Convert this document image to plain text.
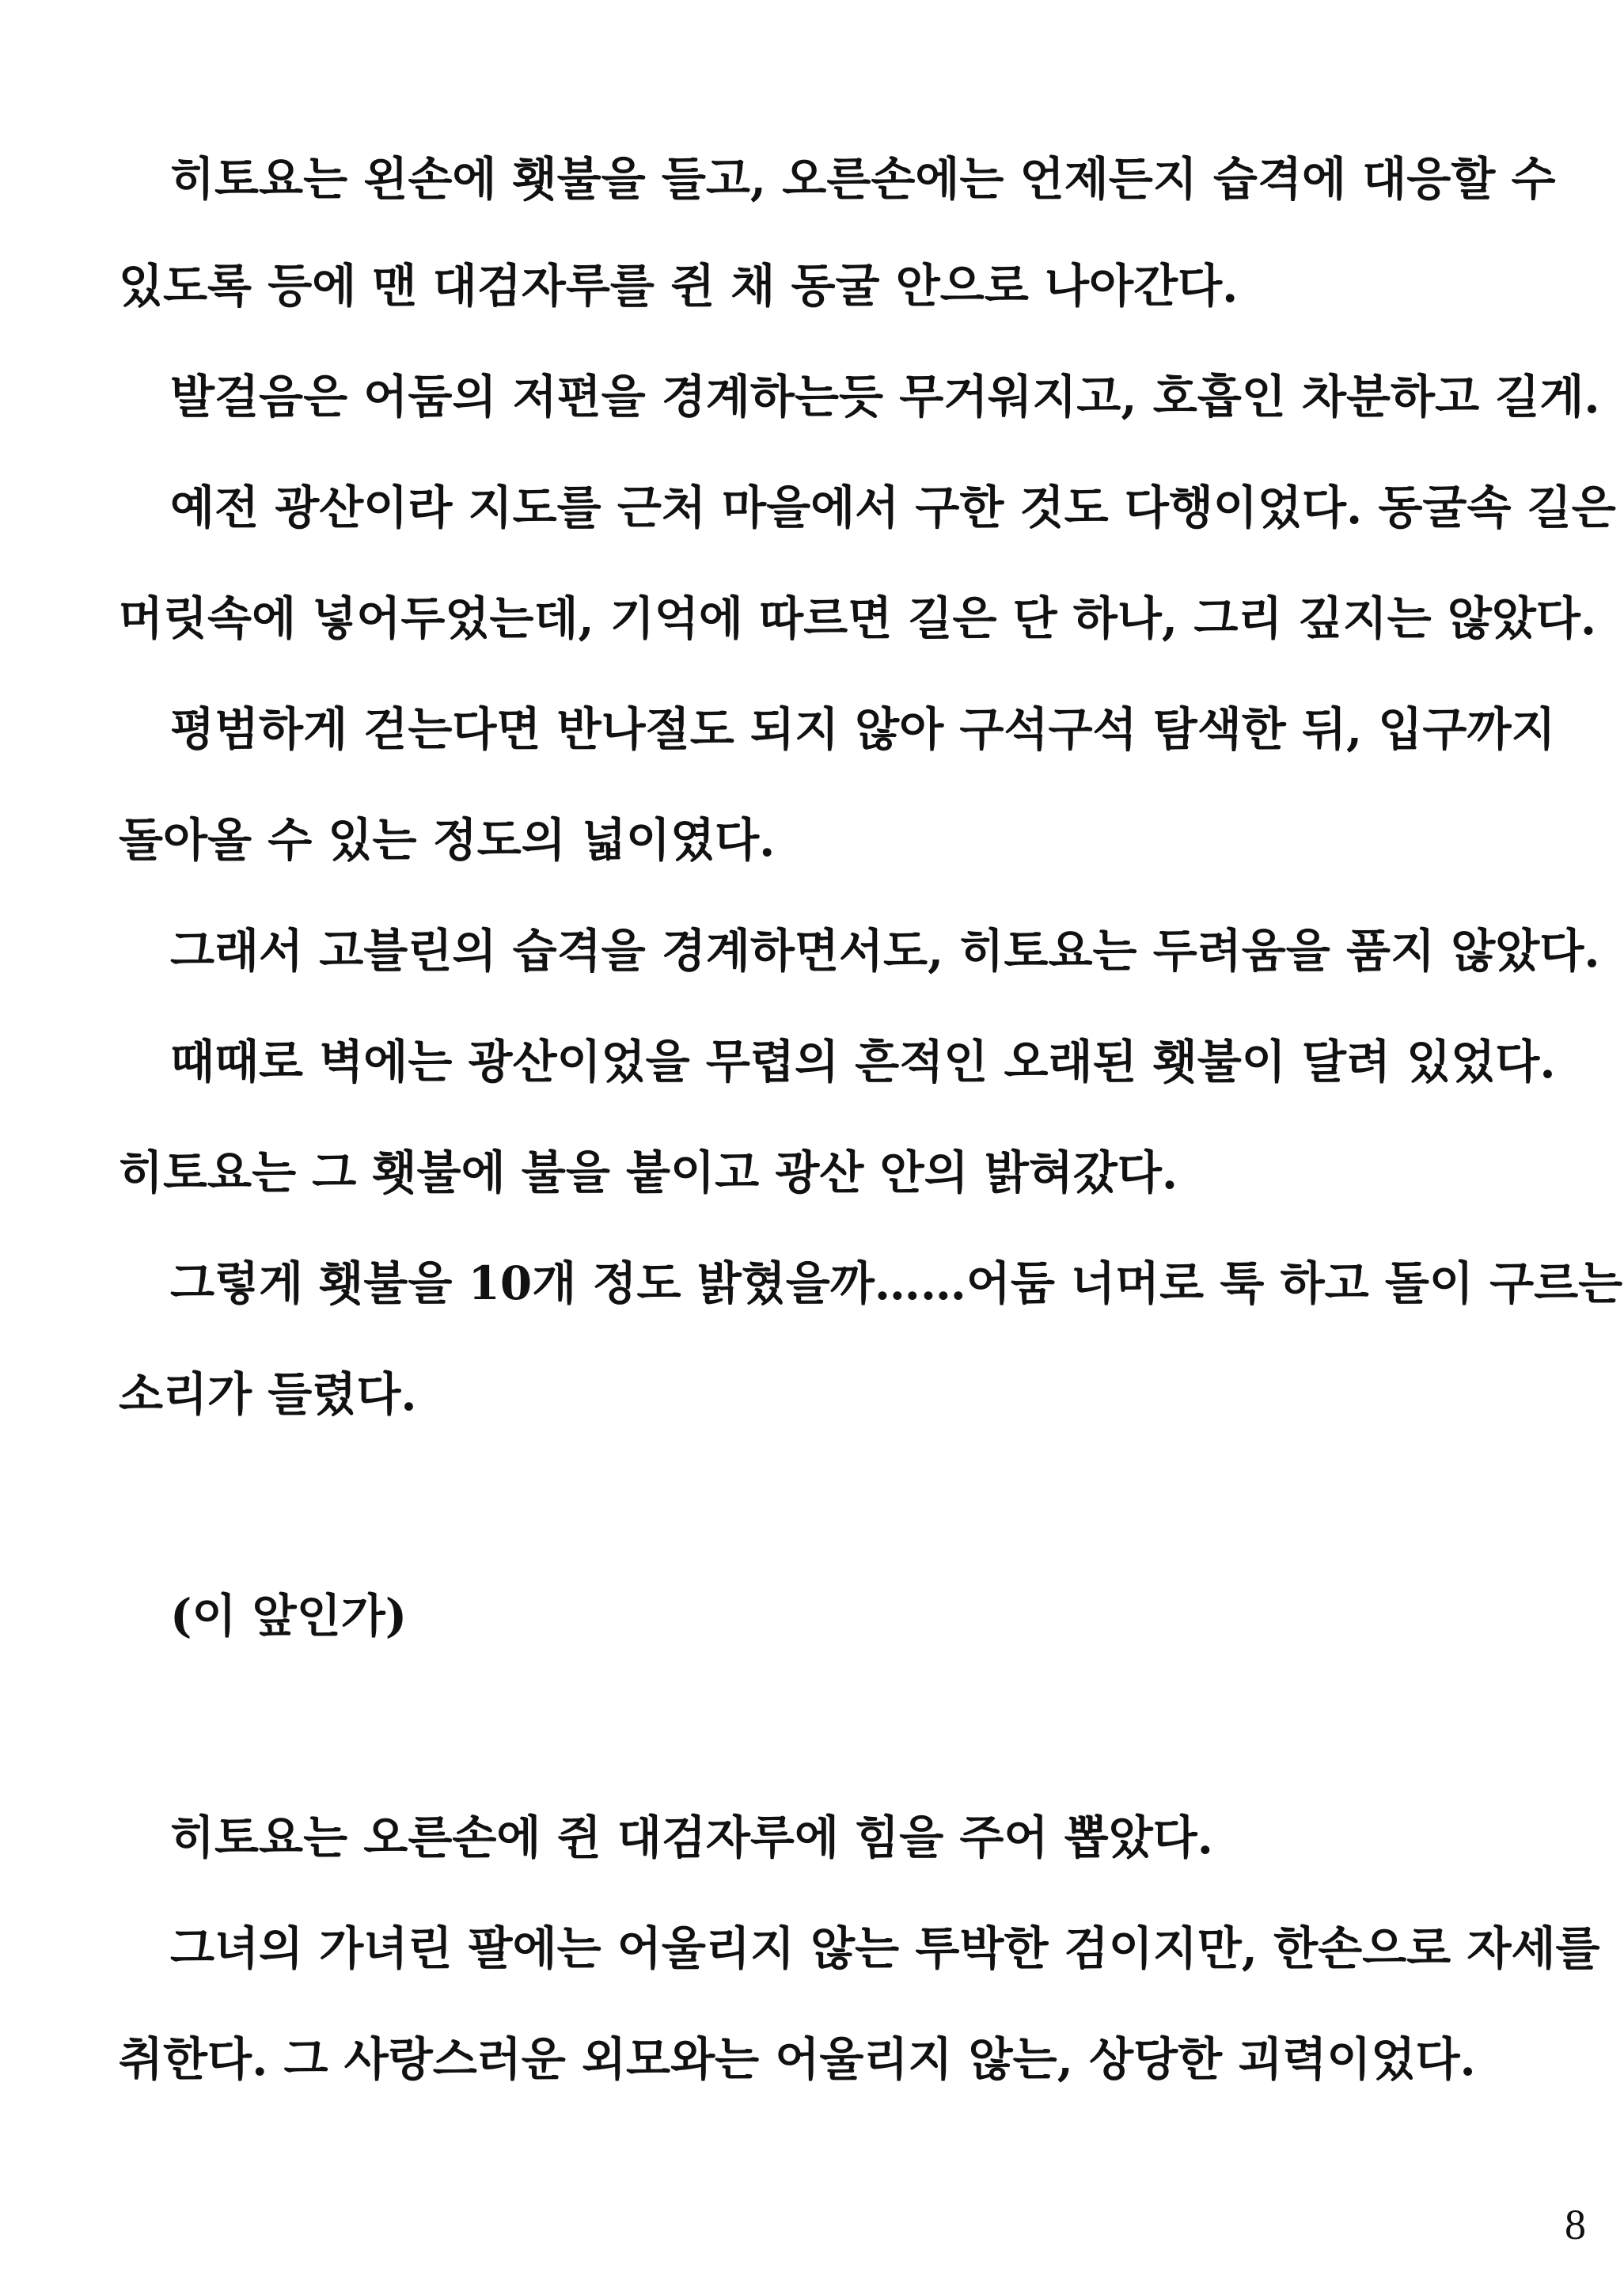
히토요는 왼손에 횃불을 들고, 오른손에는 언제든지 습격에 대응할 수
있도록 등에 맨 대검자루를 쥔 채 동굴 안으로 나아간다.
발걸음은 어둠의 저편을 경계하는듯 무거워지고, 호흡인 차분하고 길게.
예전 광산이라 지도를 근처 마을에서 구한 것도 다행이었다. 동굴속 길은
머릿속에 넣어두었는데, 기억에 따르면 길은 단 하나, 그리 깊지는 않았다.
평범하게 걷는다면 반나절도 되지 않아 구석구석 탐색한 뒤, 입구까지
돌아올 수 있는 정도의 넓이였다.
그래서 고블린의 습격을 경계하면서도, 히토요는 두려움을 품지 않았다.
때때로 벽에는 광산이었을 무렵의 흔적인 오래된 횃불이 달려 있었다.
히토요는 그 횃불에 불을 붙이고 광산 안의 밝혀갔다.
그렇게 횃불을 10개 정도 밝혔을까……어둠 너머로 툭 하고 돌이 구르는
소리가 들렸다.
(이 앞인가)
히토요는 오른손에 쥔 대검자루에 힘을 주어 뽑았다.
그녀의 가녀린 팔에는 어울리지 않는 투박한 검이지만, 한손으로 자세를
취한다. 그 사랑스러운 외모와는 어울리지 않는, 상당한 괴력이었다.
8
